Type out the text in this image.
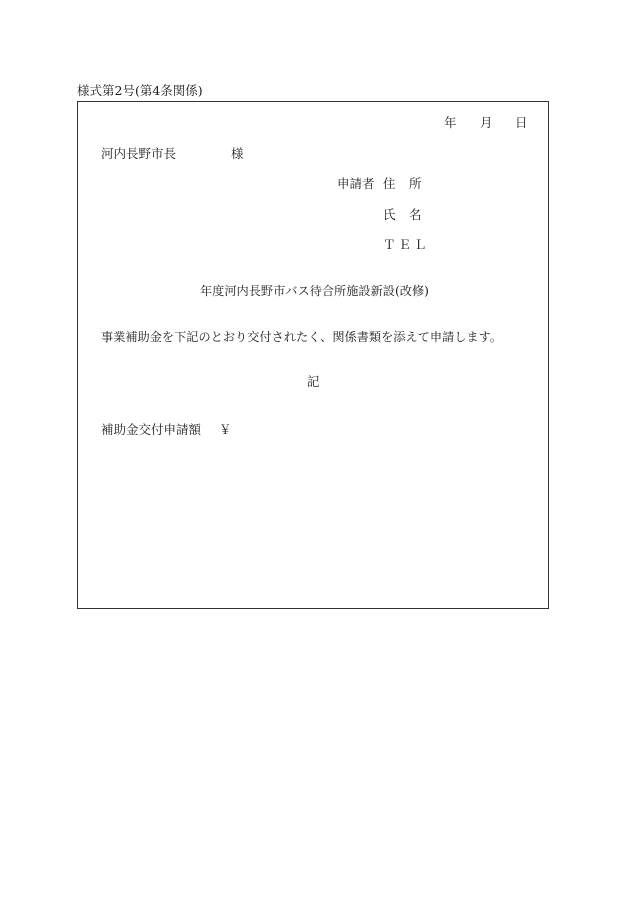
様式第2号(第4条関係)
年 月 日
河内長野市長	様
申請者 住　所
氏　名
ＴＥＬ
年度河内長野市バス待合所施設新設(改修)
事業補助金を下記のとおり交付されたく、関係書類を添えて申請します。
記
補助金交付申請額 ￥
